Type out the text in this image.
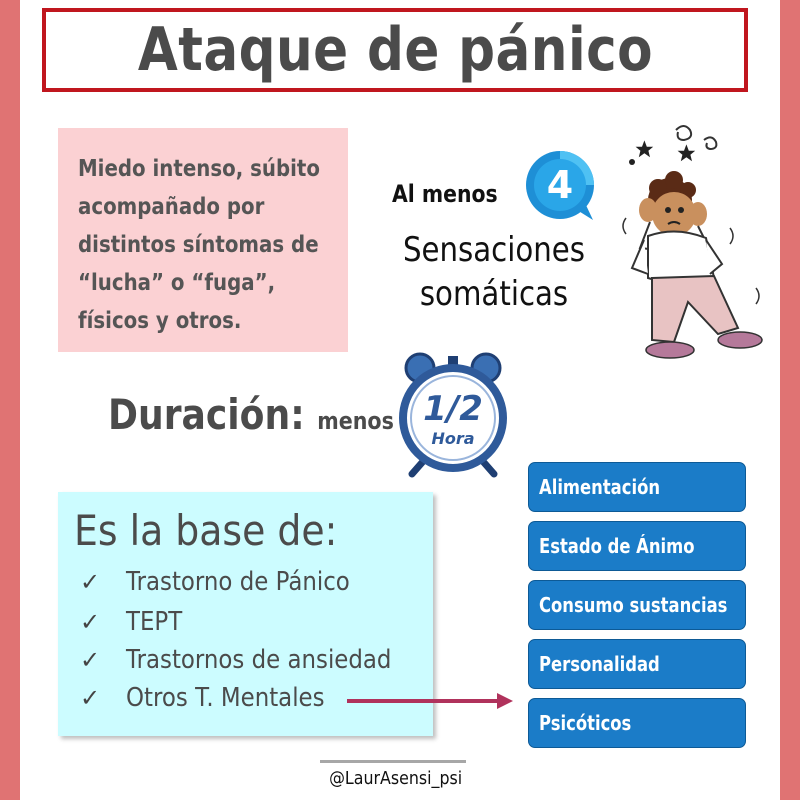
Ataque de pánico
Miedo intenso, súbito
acompañado por
distintos síntomas de
“lucha” o “fuga”,
físicos y otros.
Al menos 4
Sensaciones
somáticas
Duración: menos 1/2
Hora
Es la base de:
✓ Trastorno de Pánico
✓ TEPT
✓ Trastornos de ansiedad
✓ Otros T. Mentales
Alimentación
Estado de Ánimo
Consumo sustancias
Personalidad
Psicóticos
@LaurAsensi_psi
